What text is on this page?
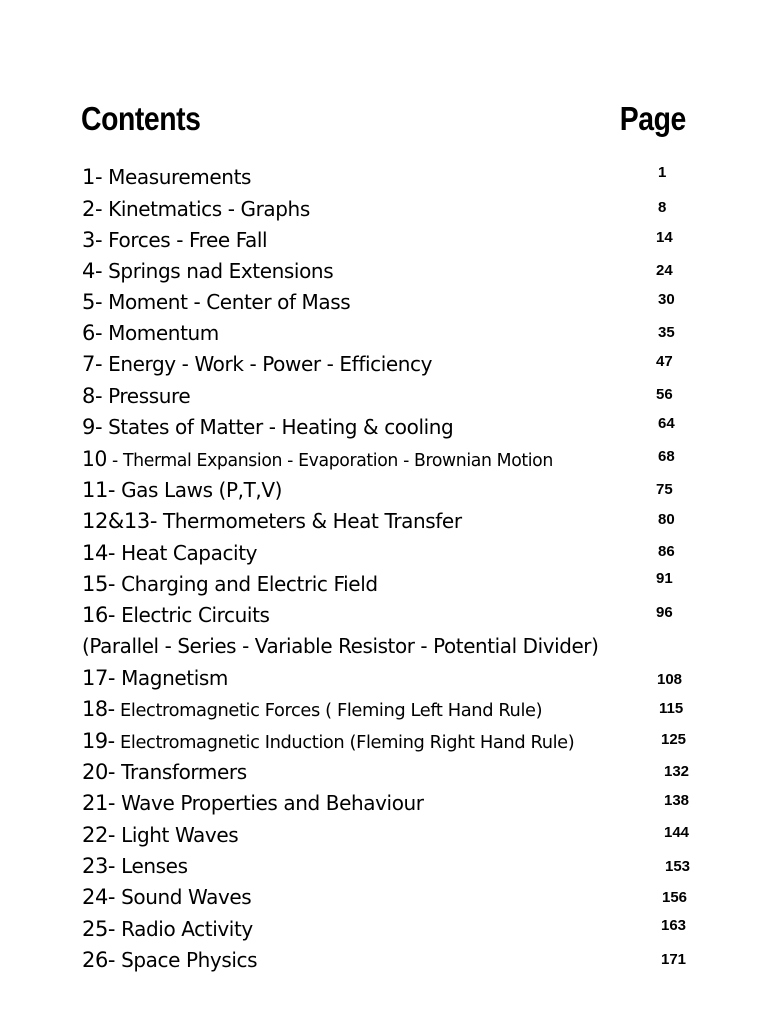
Contents	Page
1- Measurements	1
2- Kinetmatics - Graphs	8
3- Forces - Free Fall	14
4- Springs nad Extensions	24
5- Moment - Center of Mass	30
6- Momentum	35
7- Energy - Work - Power - Efficiency	47
8- Pressure	56
9- States of Matter - Heating & cooling	64
10 - Thermal Expansion - Evaporation - Brownian Motion	68
11- Gas Laws (P,T,V)	75
12&13- Thermometers & Heat Transfer	80
14- Heat Capacity	86
15- Charging and Electric Field	91
16- Electric Circuits	96
(Parallel - Series - Variable Resistor - Potential Divider)
17- Magnetism	108
18- Electromagnetic Forces ( Fleming Left Hand Rule)	115
19- Electromagnetic Induction (Fleming Right Hand Rule)	125
20- Transformers	132
21- Wave Properties and Behaviour	138
22- Light Waves	144
23- Lenses	153
24- Sound Waves	156
25- Radio Activity	163
26- Space Physics	171
